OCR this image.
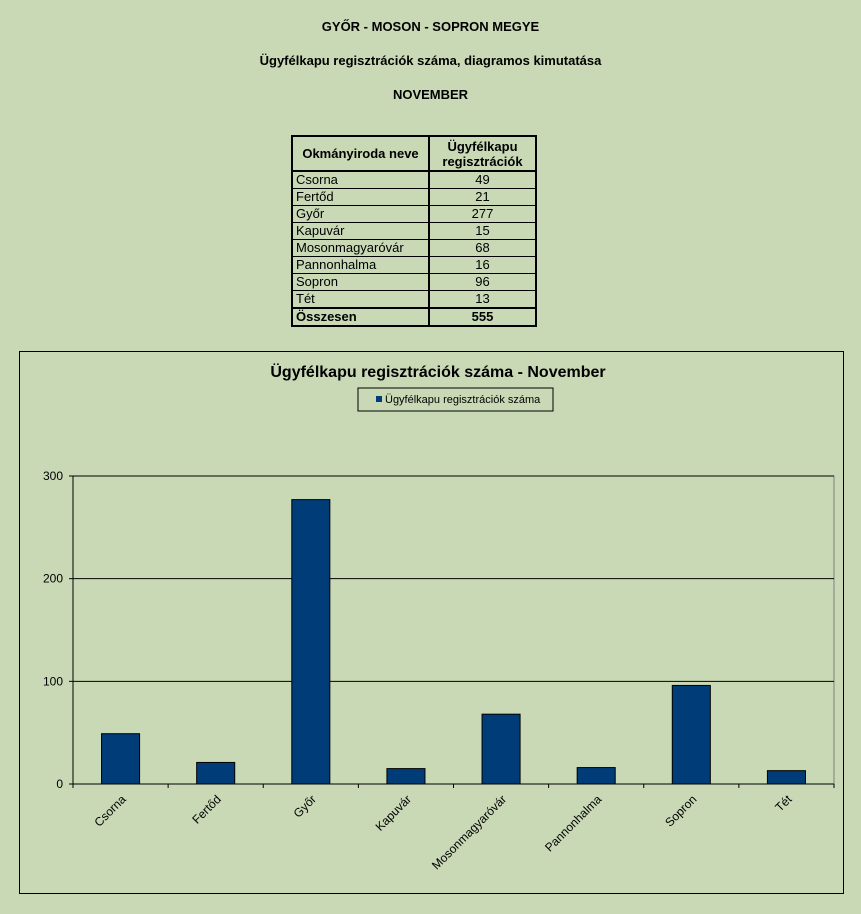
GYŐR - MOSON - SOPRON MEGYE
Ügyfélkapu regisztrációk száma, diagramos kimutatása
NOVEMBER
Okmányiroda neve	Ügyfélkapu
regisztrációk
Csorna	49
Fertőd	21
Győr	277
Kapuvár	15
Mosonmagyaróvár	68
Pannonhalma	16
Sopron	96
Tét	13
Összesen	555
Ügyfélkapu regisztrációk száma - November
Ügyfélkapu regisztrációk száma
0
100
200
300
Csorna	Fertőd	Győr	Kapuvár Mosonmagyaróvár	Pannonhalma	Sopron	Tét
